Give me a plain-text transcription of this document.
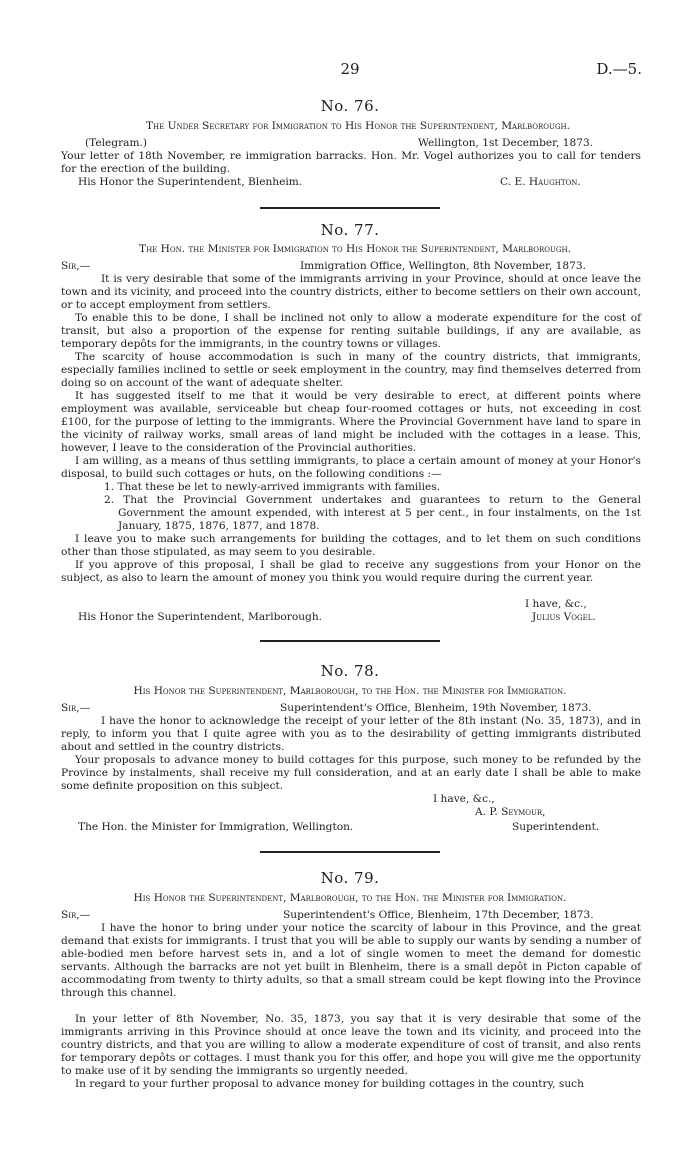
29	D.—5.
No. 76.
The Under Secretary for Immigration to His Honor the Superintendent, Marlborough.
(Telegram.)	Wellington, 1st December, 1873.
Your letter of 18th November, re immigration barracks. Hon. Mr. Vogel authorizes you to call for tenders for the erection of the building.
His Honor the Superintendent, Blenheim.	C. E. Haughton.
No. 77.
The Hon. the Minister for Immigration to His Honor the Superintendent, Marlborough.
Sir,—	Immigration Office, Wellington, 8th November, 1873.
It is very desirable that some of the immigrants arriving in your Province, should at once leave the town and its vicinity, and proceed into the country districts, either to become settlers on their own account, or to accept employment from settlers.
To enable this to be done, I shall be inclined not only to allow a moderate expenditure for the cost of transit, but also a proportion of the expense for renting suitable buildings, if any are available, as temporary depôts for the immigrants, in the country towns or villages.
The scarcity of house accommodation is such in many of the country districts, that immigrants, especially families inclined to settle or seek employment in the country, may find themselves deterred from doing so on account of the want of adequate shelter.
It has suggested itself to me that it would be very desirable to erect, at different points where employment was available, serviceable but cheap four-roomed cottages or huts, not exceeding in cost £100, for the purpose of letting to the immigrants. Where the Provincial Government have land to spare in the vicinity of railway works, small areas of land might be included with the cottages in a lease. This, however, I leave to the consideration of the Provincial authorities.
I am willing, as a means of thus settling immigrants, to place a certain amount of money at your Honor's disposal, to build such cottages or huts, on the following conditions :—
1. That these be let to newly-arrived immigrants with families.
2. That the Provincial Government undertakes and guarantees to return to the General Government the amount expended, with interest at 5 per cent., in four instalments, on the 1st January, 1875, 1876, 1877, and 1878.
I leave you to make such arrangements for building the cottages, and to let them on such conditions other than those stipulated, as may seem to you desirable.
If you approve of this proposal, I shall be glad to receive any suggestions from your Honor on the subject, as also to learn the amount of money you think you would require during the current year.
I have, &c.,
His Honor the Superintendent, Marlborough.	Julius Vogel.
No. 78.
His Honor the Superintendent, Marlborough, to the Hon. the Minister for Immigration.
Sir,—	Superintendent's Office, Blenheim, 19th November, 1873.
I have the honor to acknowledge the receipt of your letter of the 8th instant (No. 35, 1873), and in reply, to inform you that I quite agree with you as to the desirability of getting immigrants distributed about and settled in the country districts.
Your proposals to advance money to build cottages for this purpose, such money to be refunded by the Province by instalments, shall receive my full consideration, and at an early date I shall be able to make some definite proposition on this subject.
I have, &c.,
A. P. Seymour,
The Hon. the Minister for Immigration, Wellington.	Superintendent.
No. 79.
His Honor the Superintendent, Marlborough, to the Hon. the Minister for Immigration.
Sir,—	Superintendent's Office, Blenheim, 17th December, 1873.
I have the honor to bring under your notice the scarcity of labour in this Province, and the great demand that exists for immigrants. I trust that you will be able to supply our wants by sending a number of able-bodied men before harvest sets in, and a lot of single women to meet the demand for domestic servants. Although the barracks are not yet built in Blenheim, there is a small depôt in Picton capable of accommodating from twenty to thirty adults, so that a small stream could be kept flowing into the Province through this channel.
In your letter of 8th November, No. 35, 1873, you say that it is very desirable that some of the immigrants arriving in this Province should at once leave the town and its vicinity, and proceed into the country districts, and that you are willing to allow a moderate expenditure of cost of transit, and also rents for temporary depôts or cottages. I must thank you for this offer, and hope you will give me the opportunity to make use of it by sending the immigrants so urgently needed.
In regard to your further proposal to advance money for building cottages in the country, such
